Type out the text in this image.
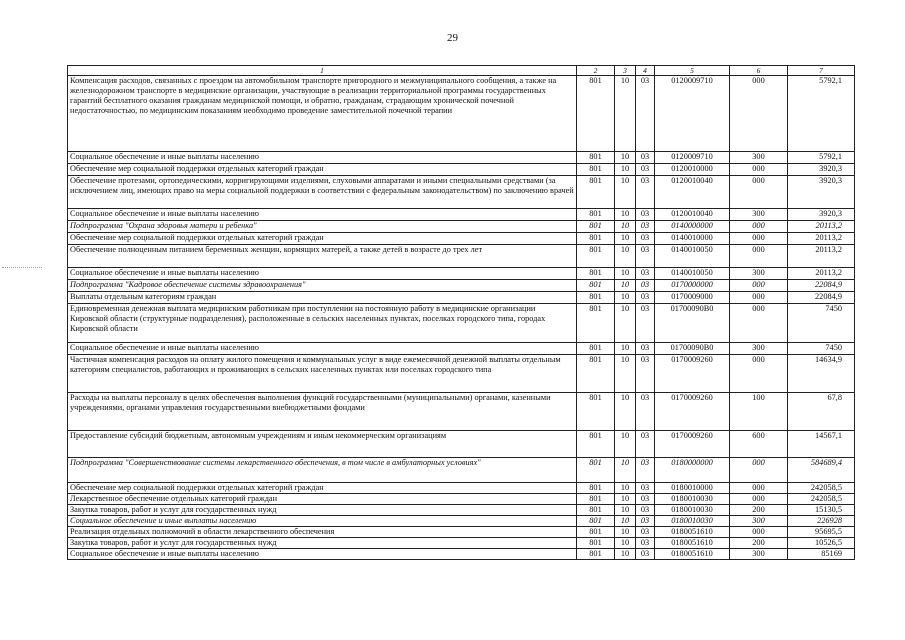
29
1	2	3	4	5	6	7
Компенсация расходов, связанных с проездом на автомобильном транспорте пригородного и межмуниципального сообщения, а также на железнодорожном транспорте в медицинские организации, участвующие в реализации территориальной программы государственных гарантий бесплатного оказания гражданам медицинской помощи, и обратно, гражданам, страдающим хронической почечной недостаточностью, по медицинским показаниям необходимо проведение заместительной почечной терапии	801	10	03	0120009710	000	5792,1
Социальное обеспечение и иные выплаты населению	801	10	03	0120009710	300	5792,1
Обеспечение мер социальной поддержки отдельных категорий граждан	801	10	03	0120010000	000	3920,3
Обеспечение протезами, ортопедическими, корригирующими изделиями, слуховыми аппаратами и иными специальными средствами (за исключением лиц, имеющих право на меры социальной поддержки в соответствии с федеральным законодательством) по заключению врачей	801	10	03	0120010040	000	3920,3
Социальное обеспечение и иные выплаты населению	801	10	03	0120010040	300	3920,3
Подпрограмма "Охрана здоровья матери и ребенка"	801	10	03	0140000000	000	20113,2
Обеспечение мер социальной поддержки отдельных категорий граждан	801	10	03	0140010000	000	20113,2
Обеспечение полноценным питанием беременных женщин, кормящих матерей, а также детей в возрасте до трех лет	801	10	03	0140010050	000	20113,2
Социальное обеспечение и иные выплаты населению	801	10	03	0140010050	300	20113,2
Подпрограмма "Кадровое обеспечение системы здравоохранения"	801	10	03	0170000000	000	22084,9
Выплаты отдельным категориям граждан	801	10	03	0170009000	000	22084,9
Единовременная денежная выплата медицинским работникам при поступлении на постоянную работу в медицинские организации Кировской области (структурные подразделения), расположенные в сельских населенных пунктах, поселках городского типа, городах Кировской области	801	10	03	01700090В0	000	7450
Социальное обеспечение и иные выплаты населению	801	10	03	01700090В0	300	7450
Частичная компенсация расходов на оплату жилого помещения и коммунальных услуг в виде ежемесячной денежной выплаты отдельным категориям специалистов, работающих и проживающих в сельских населенных пунктах или поселках городского типа	801	10	03	0170009260	000	14634,9
Расходы на выплаты персоналу в целях обеспечения выполнения функций государственными (муниципальными) органами, казенными учреждениями, органами управления государственными внебюджетными фондами	801	10	03	0170009260	100	67,8
Предоставление субсидий бюджетным, автономным учреждениям и иным некоммерческим организациям	801	10	03	0170009260	600	14567,1
Подпрограмма "Совершенствование системы лекарственного обеспечения, в том числе в амбулаторных условиях"	801	10	03	0180000000	000	584689,4
Обеспечение мер социальной поддержки отдельных категорий граждан	801	10	03	0180010000	000	242058,5
Лекарственное обеспечение отдельных категорий граждан	801	10	03	0180010030	000	242058,5
Закупка товаров, работ и услуг для государственных нужд	801	10	03	0180010030	200	15130,5
Социальное обеспечение и иные выплаты населению	801	10	03	0180010030	300	226928
Реализация отдельных полномочий в области лекарственного обеспечения	801	10	03	0180051610	000	95695,5
Закупка товаров, работ и услуг для государственных нужд	801	10	03	0180051610	200	10526,5
Социальное обеспечение и иные выплаты населению	801	10	03	0180051610	300	85169
